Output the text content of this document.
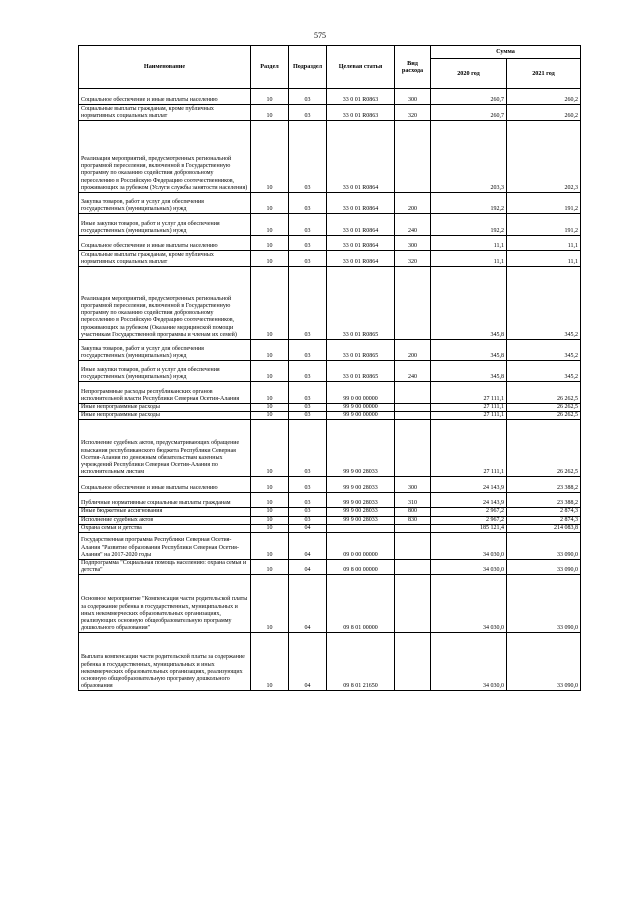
575
Наименование	Раздел	Подраздел	Целевая статья	Вид расхода	Сумма	
					2020 год	2021 год
Социальное обеспечение и иные выплаты населению	10	03	33 0 01 R0863	300	260,7	260,2
Социальные выплаты гражданам, кроме публичных нормативных социальных выплат	10	03	33 0 01 R0863	320	260,7	260,2
Реализация мероприятий, предусмотренных региональной программой переселения, включенной в Государственную программу по оказанию содействия добровольному переселению в Российскую Федерацию соотечественников, проживающих за рубежом (Услуги службы занятости населения)	10	03	33 0 01 R0864		203,3	202,3
Закупка товаров, работ и услуг для обеспечения государственных (муниципальных) нужд	10	03	33 0 01 R0864	200	192,2	191,2
Иные закупки товаров, работ и услуг для обеспечения государственных (муниципальных) нужд	10	03	33 0 01 R0864	240	192,2	191,2
Социальное обеспечение и иные выплаты населению	10	03	33 0 01 R0864	300	11,1	11,1
Социальные выплаты гражданам, кроме публичных нормативных социальных выплат	10	03	33 0 01 R0864	320	11,1	11,1
Реализация мероприятий, предусмотренных региональной программой переселения, включенной в Государственную программу по оказанию содействия добровольному переселению в Российскую Федерацию соотечественников, проживающих за рубежом (Оказание медицинской помощи участникам Государственной программы и членам их семей)	10	03	33 0 01 R0865		345,8	345,2
Закупка товаров, работ и услуг для обеспечения государственных (муниципальных) нужд	10	03	33 0 01 R0865	200	345,8	345,2
Иные закупки товаров, работ и услуг для обеспечения государственных (муниципальных) нужд	10	03	33 0 01 R0865	240	345,8	345,2
Непрограммные расходы республиканских органов исполнительной власти Республики Северная Осетия-Алания	10	03	99 0 00 00000		27 111,1	26 262,5
Иные непрограммные расходы	10	03	99 9 00 00000		27 111,1	26 262,5
Иные непрограммные расходы	10	03	99 9 00 00000		27 111,1	26 262,5
Исполнение судебных актов, предусматривающих обращение взыскания республиканского бюджета Республики Северная Осетия-Алания по денежным обязательствам казенных учреждений Республики Северная Осетия-Алания по исполнительным листам	10	03	99 9 00 28033		27 111,1	26 262,5
Социальное обеспечение и иные выплаты населению	10	03	99 9 00 28033	300	24 143,9	23 388,2
Публичные нормативные социальные выплаты гражданам	10	03	99 9 00 28033	310	24 143,9	23 388,2
Иные бюджетные ассигнования	10	03	99 9 00 28033	800	2 967,2	2 874,3
Исполнение судебных актов	10	03	99 9 00 28033	830	2 967,2	2 874,3
Охрана семьи и детства	10	04			185 121,4	214 083,8
Государственная программа Республики Северная Осетия-Алания "Развитие образования Республики Северная Осетия-Алания" на 2017-2020 годы	10	04	09 0 00 00000		34 030,0	33 090,0
Подпрограмма "Социальная помощь населению: охрана семьи и детства"	10	04	09 8 00 00000		34 030,0	33 090,0
Основное мероприятие "Компенсация части родительской платы за содержание ребенка в государственных, муниципальных и иных некоммерческих образовательных организациях, реализующих основную общеобразовательную программу дошкольного образования"	10	04	09 8 01 00000		34 030,0	33 090,0
Выплата компенсации части родительской платы за содержание ребенка в государственных, муниципальных и иных некоммерческих образовательных организациях, реализующих основную общеобразовательную программу дошкольного образования	10	04	09 8 01 21650		34 030,0	33 090,0
